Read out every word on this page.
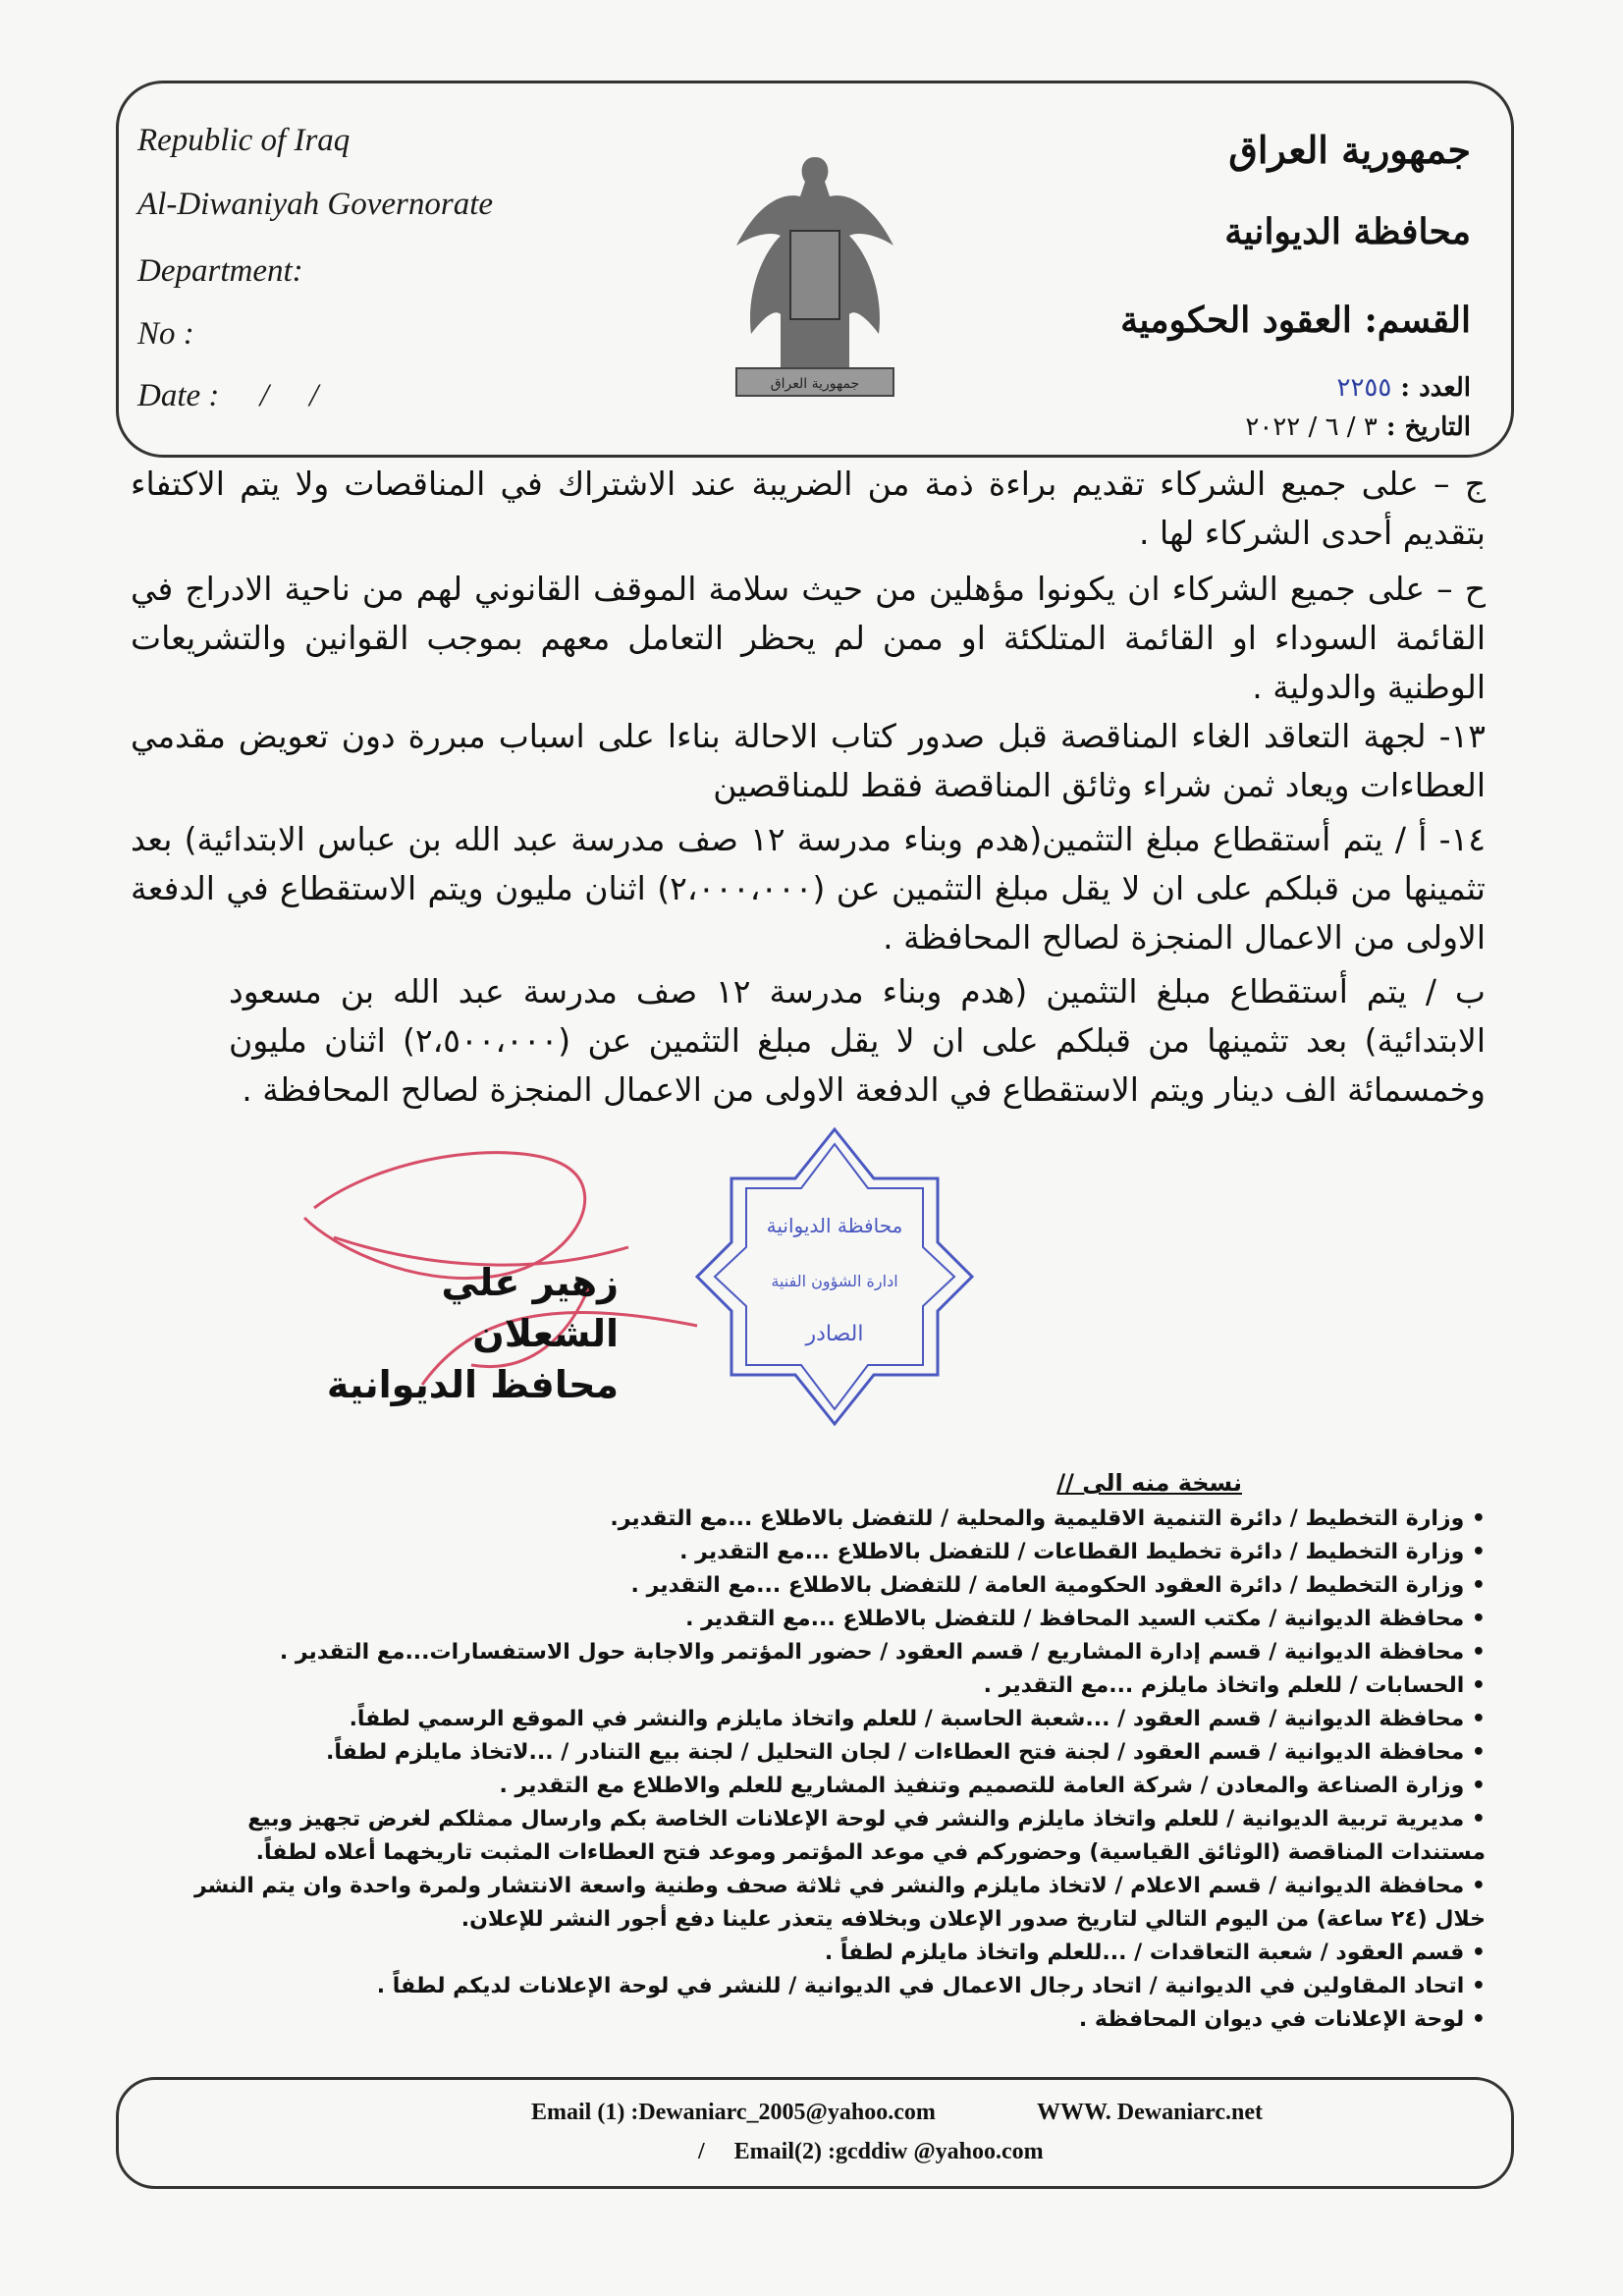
Republic of Iraq
Al-Diwaniyah Governorate
Department:
No :
Date :     /     /
جمهورية العراق
محافظة الديوانية
القسم: العقود الحكومية
العدد : ٢٢٥٥
التاريخ : ٣ / ٦ / ٢٠٢٢
جمهورية العراق

ج – على جميع الشركاء تقديم براءة ذمة من الضريبة عند الاشتراك في المناقصات ولا يتم الاكتفاء بتقديم أحدى الشركاء لها .

ح – على جميع الشركاء ان يكونوا مؤهلين من حيث سلامة الموقف القانوني لهم من ناحية الادراج في القائمة السوداء او القائمة المتلكئة او ممن لم يحظر التعامل معهم بموجب القوانين والتشريعات الوطنية والدولية .

١٣- لجهة التعاقد الغاء المناقصة قبل صدور كتاب الاحالة بناءا على اسباب مبررة دون تعويض مقدمي العطاءات ويعاد ثمن شراء وثائق المناقصة فقط للمناقصين

١٤- أ / يتم أستقطاع مبلغ التثمين(هدم وبناء مدرسة ١٢ صف مدرسة عبد الله بن عباس الابتدائية) بعد تثمينها من قبلكم على ان لا يقل مبلغ التثمين عن (٢،٠٠٠،٠٠٠) اثنان مليون ويتم الاستقطاع في الدفعة الاولى من الاعمال المنجزة لصالح المحافظة .

ب / يتم أستقطاع مبلغ التثمين (هدم وبناء مدرسة ١٢ صف مدرسة عبد الله بن مسعود الابتدائية) بعد تثمينها من قبلكم على ان لا يقل مبلغ التثمين عن (٢،٥٠٠،٠٠٠) اثنان مليون وخمسمائة الف دينار ويتم الاستقطاع في الدفعة الاولى من الاعمال المنجزة لصالح المحافظة .

محافظة الديوانية
ادارة الشؤون الفنية
الصادر
زهير علي الشعلان
محافظ الديوانية
نسخة منه الى //
• وزارة التخطيط / دائرة التنمية الاقليمية والمحلية / للتفضل بالاطلاع ...مع التقدير.
• وزارة التخطيط / دائرة تخطيط القطاعات / للتفضل بالاطلاع ...مع التقدير .
• وزارة التخطيط / دائرة العقود الحكومية العامة / للتفضل بالاطلاع ...مع التقدير .
• محافظة الديوانية / مكتب السيد المحافظ / للتفضل بالاطلاع ...مع التقدير .
• محافظة الديوانية / قسم إدارة المشاريع / قسم العقود / حضور المؤتمر والاجابة حول الاستفسارات...مع التقدير .
• الحسابات / للعلم واتخاذ مايلزم ...مع التقدير .
• محافظة الديوانية / قسم العقود / ...شعبة الحاسبة / للعلم واتخاذ مايلزم والنشر في الموقع الرسمي لطفاً.
• محافظة الديوانية / قسم العقود / لجنة فتح العطاءات / لجان التحليل / لجنة بيع التنادر / ...لاتخاذ مايلزم لطفاً.
• وزارة الصناعة والمعادن / شركة العامة للتصميم وتنفيذ المشاريع للعلم والاطلاع مع التقدير .
• مديرية تربية الديوانية / للعلم واتخاذ مايلزم والنشر في لوحة الإعلانات الخاصة بكم وارسال ممثلكم لغرض تجهيز وبيع مستندات المناقصة (الوثائق القياسية) وحضوركم في موعد المؤتمر وموعد فتح العطاءات المثبت تاريخهما أعلاه لطفاً.
• محافظة الديوانية / قسم الاعلام / لاتخاذ مايلزم والنشر في ثلاثة صحف وطنية واسعة الانتشار ولمرة واحدة وان يتم النشر خلال (٢٤ ساعة) من اليوم التالي لتاريخ صدور الإعلان وبخلافه يتعذر علينا دفع أجور النشر للإعلان.
• قسم العقود / شعبة التعاقدات / ...للعلم واتخاذ مايلزم لطفاً .
• اتحاد المقاولين في الديوانية / اتحاد رجال الاعمال في الديوانية / للنشر في لوحة الإعلانات لديكم لطفاً .
• لوحة الإعلانات في ديوان المحافظة .
Email (1) :Dewaniarc_2005@yahoo.com	WWW. Dewaniarc.net
/     Email(2) :gcddiw @yahoo.com
